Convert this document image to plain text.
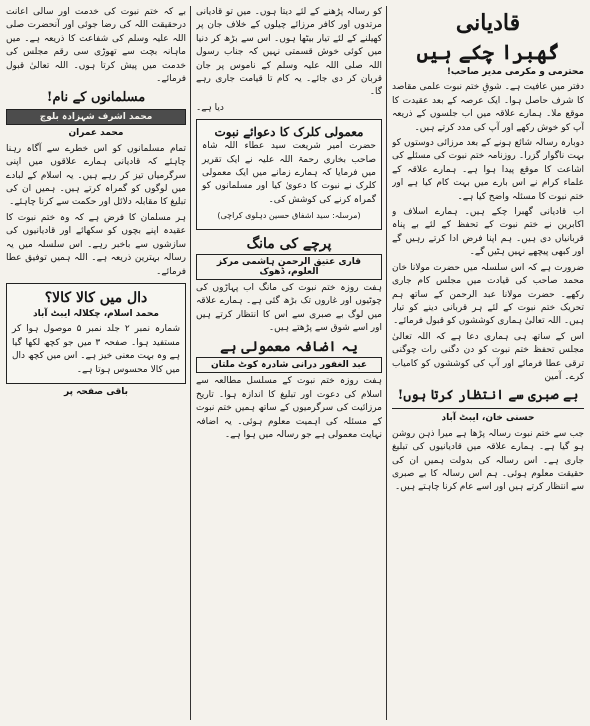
قادیانی
گھبرا چکے ہیں
محترمی و مکرمی مدیر صاحب!
دفتر میں عافیت ہے۔ شوقِ ختم نبوت علمی مقاصد کا شرف حاصل ہوا۔ ایک عرصہ کے بعد عقیدت کا موقع ملا۔ ہمارے علاقہ میں اب جلسوں کے ذریعہ آپ کو خوش رکھے اور آپ کی مدد کرتے ہیں۔
دوبارہ رسالہ شائع ہونے کے بعد مرزائی دوستوں کو بہت ناگوار گزرا۔ روزنامہ ختم نبوت کی مسئلے کی اشاعت کا موقع پیدا ہوا ہے۔ ہمارے علاقہ کے علماء کرام نے اس بارے میں بہت کام کیا ہے اور ختم نبوت کا مسئلہ واضح کیا ہے۔
اب قادیانی گھبرا چکے ہیں۔ ہمارے اسلاف و اکابرین نے ختم نبوت کے تحفظ کے لئے بے پناہ قربانیاں دی ہیں۔ ہم اپنا فرض ادا کرتے رہیں گے اور کبھی پیچھے نہیں ہٹیں گے۔
ضرورت ہے کہ اس سلسلہ میں حضرت مولانا خان محمد صاحب کی قیادت میں مجلس کام جاری رکھے۔ حضرت مولانا عبد الرحمن کے ساتھ ہم تحریک ختم نبوت کے لئے ہر قربانی دینے کو تیار ہیں۔ اللہ تعالیٰ ہماری کوششوں کو قبول فرمائے۔
اس کے ساتھ ہی ہماری دعا ہے کہ اللہ تعالیٰ مجلس تحفظ ختم نبوت کو دن دگنی رات چوگنی ترقی عطا فرمائے اور آپ کی کوششوں کو کامیاب کرے۔ آمین
بے صبری سے انتظار کرتا ہوں!
حسنی خان، ایبٹ آباد
جب سے ختم نبوت رسالہ پڑھا ہے میرا ذہن روشن ہو گیا ہے۔ ہمارے علاقہ میں قادیانیوں کی تبلیغ جاری ہے۔ اس رسالہ کی بدولت ہمیں ان کی حقیقت معلوم ہوئی۔ ہم اس رسالہ کا بے صبری سے انتظار کرتے ہیں اور اسے عام کرنا چاہتے ہیں۔
کو رسالہ پڑھنے کے لئے دیتا ہوں۔ میں تو قادیانی مرتدوں اور کافر مرزائے چیلوں کے خلاف جان پر کھیلنے کے لئے تیار بیٹھا ہوں۔ اس سے بڑھ کر دنیا میں کوئی خوش قسمتی نہیں کہ جناب رسول اللہ صلی اللہ علیہ وسلم کے ناموس پر جان قربان کر دی جائے۔ یہ کام تا قیامت جاری رہے گا۔
دیا ہے۔
معمولی کلرک کا دعوائے نبوت
حضرت امیر شریعت سید عطاء اللہ شاہ صاحب بخاری رحمۃ اللہ علیہ نے ایک تقریر میں فرمایا کہ ہمارے زمانے میں ایک معمولی کلرک نے نبوت کا دعویٰ کیا اور مسلمانوں کو گمراہ کرنے کی کوشش کی۔
(مرسلہ: سید اشفاق حسین دہلوی کراچی)
پرچے کی مانگ
قاری عتیق الرحمن ہاشمی مرکز العلوم، ڈھوک
ہفت روزہ ختم نبوت کی مانگ اب پہاڑوں کی چوٹیوں اور غاروں تک بڑھ گئی ہے۔ ہمارے علاقہ میں لوگ بے صبری سے اس کا انتظار کرتے ہیں اور اسے شوق سے پڑھتے ہیں۔
یہ اضافہ معمولی ہے
عبد الغفور درانی شادرہ کوٹ ملتان
ہفت روزہ ختم نبوت کے مسلسل مطالعہ سے اسلام کی دعوت اور تبلیغ کا اندازہ ہوا۔ تاریخ مرزائیت کی سرگرمیوں کے ساتھ ہمیں ختم نبوت کے مسئلہ کی اہمیت معلوم ہوئی۔ یہ اضافہ نہایت معمولی ہے جو رسالہ میں ہوا ہے۔
بے کہ ختم نبوت کی خدمت اور سالی اعانت درحقیقت اللہ کی رضا جوئی اور آنحضرت صلی اللہ علیہ وسلم کی شفاعت کا ذریعہ ہے۔ میں ماہانہ بچت سے تھوڑی سی رقم مجلس کی خدمت میں پیش کرتا ہوں۔ اللہ تعالیٰ قبول فرمائے۔
مسلمانوں کے نام!
محمد اشرف شہزادہ بلوچ
محمد عمران
تمام مسلمانوں کو اس خطرے سے آگاہ رہنا چاہئے کہ قادیانی ہمارے علاقوں میں اپنی سرگرمیاں تیز کر رہے ہیں۔ یہ اسلام کے لبادے میں لوگوں کو گمراہ کرتے ہیں۔ ہمیں ان کی تبلیغ کا مقابلہ دلائل اور حکمت سے کرنا چاہئے۔
ہر مسلمان کا فرض ہے کہ وہ ختم نبوت کا عقیدہ اپنے بچوں کو سکھائے اور قادیانیوں کی سازشوں سے باخبر رہے۔ اس سلسلہ میں یہ رسالہ بہترین ذریعہ ہے۔ اللہ ہمیں توفیق عطا فرمائے۔
دال میں کالا کالا؟
محمد اسلام، چکلالہ ایبٹ آباد
شمارہ نمبر ۲ جلد نمبر ۵ موصول ہوا کر مستفید ہوا۔ صفحہ ۳ میں جو کچھ لکھا گیا ہے وہ بہت معنی خیز ہے۔ اس میں کچھ دال میں کالا محسوس ہوتا ہے۔
باقی صفحہ پر
